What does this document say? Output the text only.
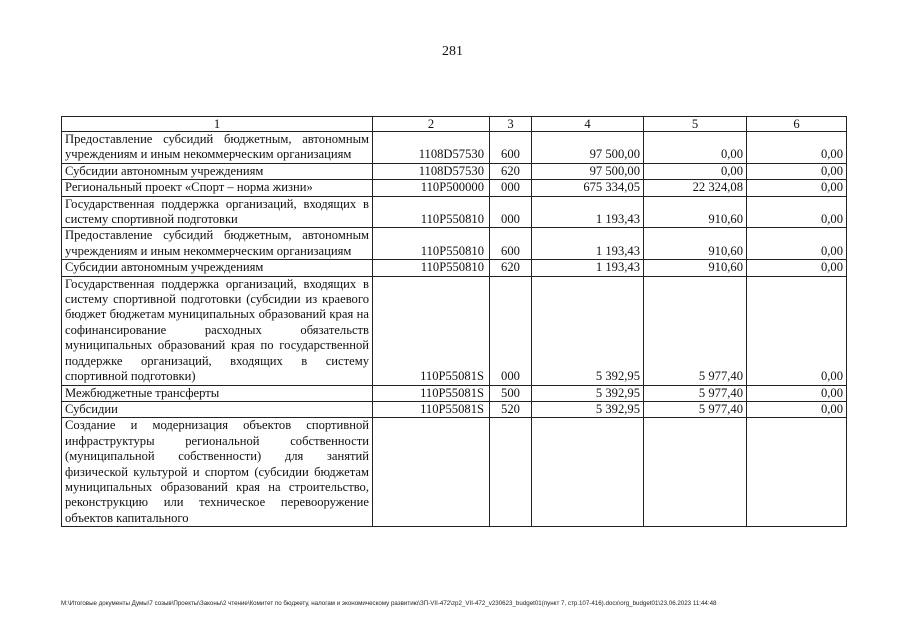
281
1	2	3	4	5	6
Предоставление субсидий бюджетным, автономным учреждениям и иным некоммерческим организациям	1108D57530	600	97 500,00	0,00	0,00
Субсидии автономным учреждениям	1108D57530	620	97 500,00	0,00	0,00
Региональный проект «Спорт – норма жизни»	110P500000	000	675 334,05	22 324,08	0,00
Государственная поддержка организаций, входящих в систему спортивной подготовки	110P550810	000	1 193,43	910,60	0,00
Предоставление субсидий бюджетным, автономным учреждениям и иным некоммерческим организациям	110P550810	600	1 193,43	910,60	0,00
Субсидии автономным учреждениям	110P550810	620	1 193,43	910,60	0,00
Государственная поддержка организаций, входящих в систему спортивной подготовки (субсидии из краевого бюджет бюджетам муниципальных образований края на софинансирование расходных обязательств муниципальных образований края по государственной поддержке организаций, входящих в систему спортивной подготовки)	110P55081S	000	5 392,95	5 977,40	0,00
Межбюджетные трансферты	110P55081S	500	5 392,95	5 977,40	0,00
Субсидии	110P55081S	520	5 392,95	5 977,40	0,00
Создание и модернизация объектов спортивной инфраструктуры региональной собственности (муниципальной собственности) для занятий физической культурой и спортом (субсидии бюджетам муниципальных образований края на строительство, реконструкцию или техническое перевооружение объектов капитального					
M:\Итоговые документы Думы\7 созыв\Проекты\Законы\2 чтение\Комитет по бюджету, налогам и экономическому развитию\ЗП-VII-472\zp2_VII-472_v230623_budget01(пункт 7, стр.107-416).docx\org_budget01\23.06.2023 11:44:48
